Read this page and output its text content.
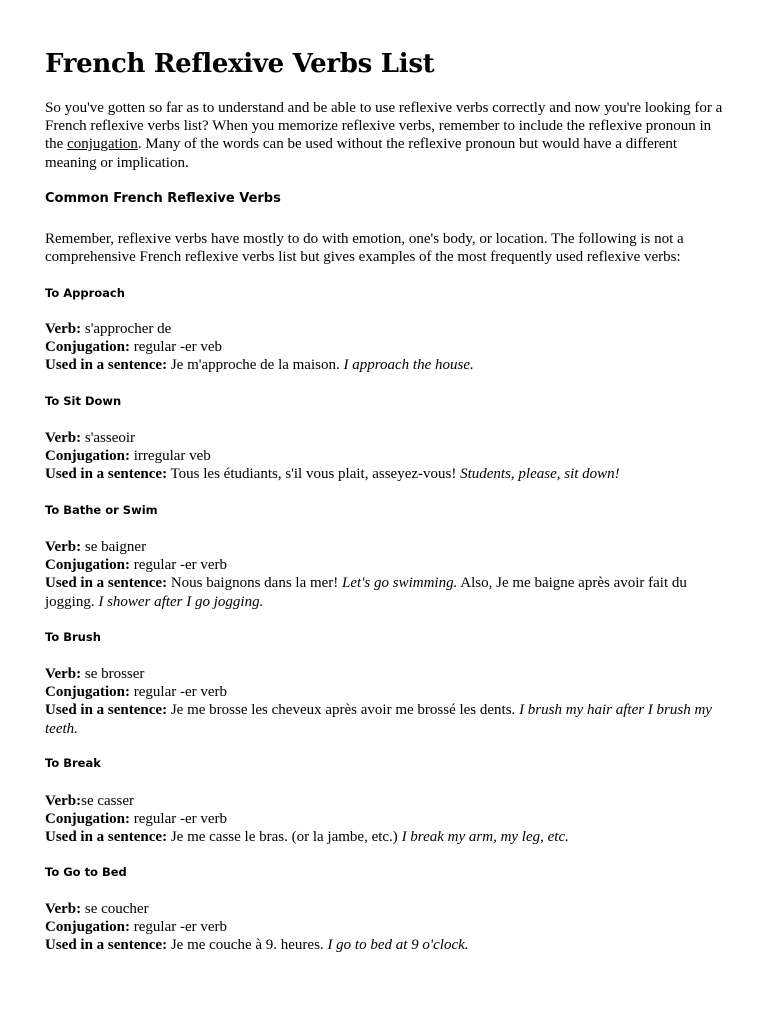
French Reflexive Verbs List

So you've gotten so far as to understand and be able to use reflexive verbs correctly and now you're looking for a French reflexive verbs list? When you memorize reflexive verbs, remember to include the reflexive pronoun in the conjugation. Many of the words can be used without the reflexive pronoun but would have a different meaning or implication.

Common French Reflexive Verbs

Remember, reflexive verbs have mostly to do with emotion, one's body, or location. The following is not a comprehensive French reflexive verbs list but gives examples of the most frequently used reflexive verbs:

To Approach

Verb: s'approcher de
Conjugation: regular -er veb
Used in a sentence: Je m'approche de la maison. I approach the house.

To Sit Down

Verb: s'asseoir
Conjugation: irregular veb
Used in a sentence: Tous les étudiants, s'il vous plait, asseyez-vous! Students, please, sit down!

To Bathe or Swim

Verb: se baigner
Conjugation: regular -er verb
Used in a sentence: Nous baignons dans la mer! Let's go swimming. Also, Je me baigne après avoir fait du jogging. I shower after I go jogging.

To Brush

Verb: se brosser
Conjugation: regular -er verb
Used in a sentence: Je me brosse les cheveux après avoir me brossé les dents. I brush my hair after I brush my teeth.

To Break

Verb:se casser
Conjugation: regular -er verb
Used in a sentence: Je me casse le bras. (or la jambe, etc.) I break my arm, my leg, etc.

To Go to Bed

Verb: se coucher
Conjugation: regular -er verb
Used in a sentence: Je me couche à 9. heures. I go to bed at 9 o'clock.
